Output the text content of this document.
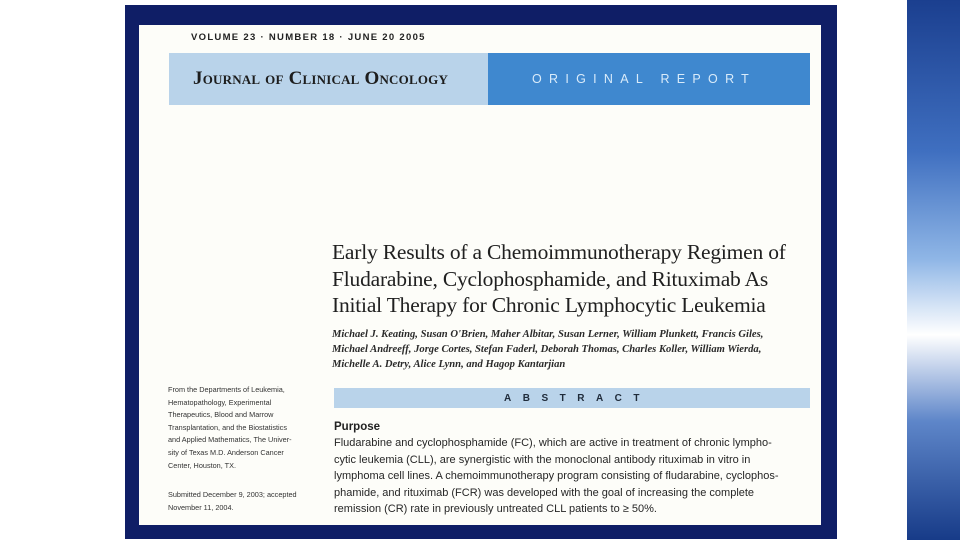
VOLUME 23 · NUMBER 18 · JUNE 20 2005
Journal of Clinical Oncology	ORIGINAL REPORT
Early Results of a Chemoimmunotherapy Regimen of
Fludarabine, Cyclophosphamide, and Rituximab As
Initial Therapy for Chronic Lymphocytic Leukemia
Michael J. Keating, Susan O'Brien, Maher Albitar, Susan Lerner, William Plunkett, Francis Giles,
Michael Andreeff, Jorge Cortes, Stefan Faderl, Deborah Thomas, Charles Koller, William Wierda,
Michelle A. Detry, Alice Lynn, and Hagop Kantarjian
From the Departments of Leukemia,
Hematopathology, Experimental
Therapeutics, Blood and Marrow
Transplantation, and the Biostatistics
and Applied Mathematics, The Univer-
sity of Texas M.D. Anderson Cancer
Center, Houston, TX.
Submitted December 9, 2003; accepted
November 11, 2004.
ABSTRACT
Purpose
Fludarabine and cyclophosphamide (FC), which are active in treatment of chronic lympho-
cytic leukemia (CLL), are synergistic with the monoclonal antibody rituximab in vitro in
lymphoma cell lines. A chemoimmunotherapy program consisting of fludarabine, cyclophos-
phamide, and rituximab (FCR) was developed with the goal of increasing the complete
remission (CR) rate in previously untreated CLL patients to ≥ 50%.
